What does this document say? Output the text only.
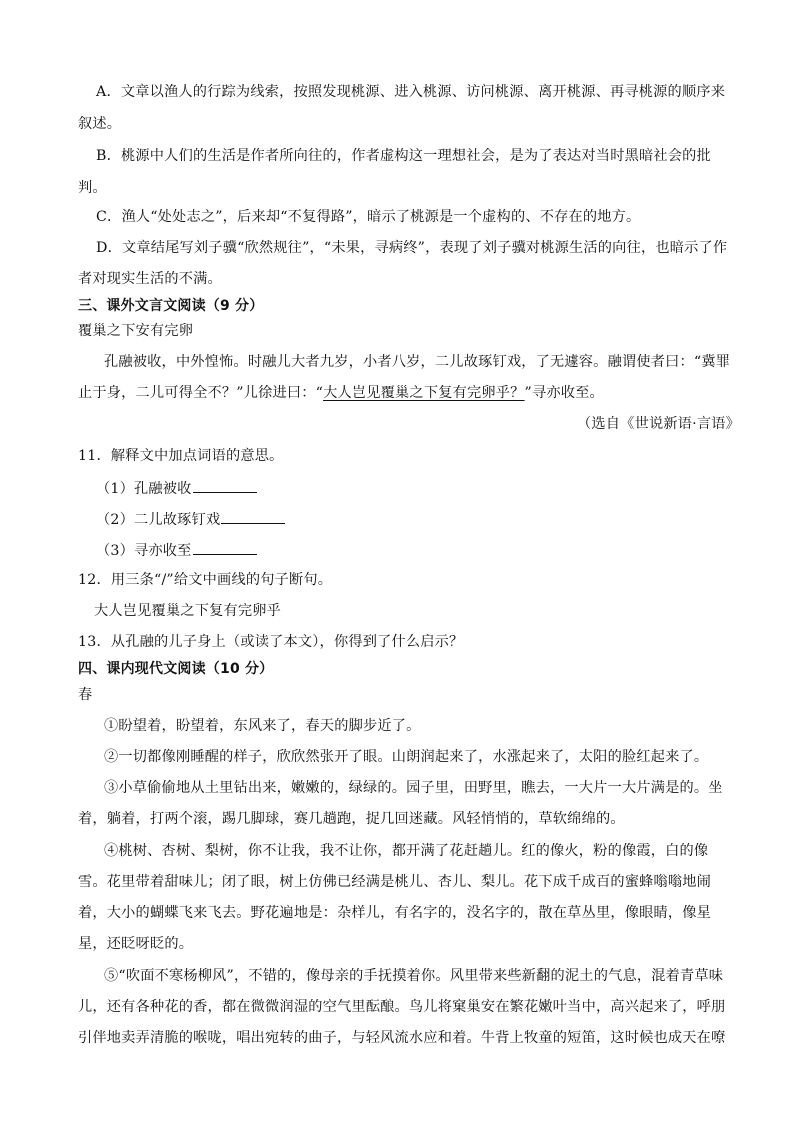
A．文章以渔人的行踪为线索，按照发现桃源、进入桃源、访问桃源、离开桃源、再寻桃源的顺序来
叙述。
B．桃源中人们的生活是作者所向往的，作者虚构这一理想社会，是为了表达对当时黑暗社会的批
判。
C．渔人“处处志之”，后来却“不复得路”，暗示了桃源是一个虚构的、不存在的地方。
D．文章结尾写刘子骥“欣然规往”，“未果，寻病终”，表现了刘子骥对桃源生活的向往，也暗示了作
者对现实生活的不满。
三、课外文言文阅读（9 分）
覆巢之下安有完卵
孔融被收，中外惶怖。时融儿大者九岁，小者八岁，二儿故琢钉戏，了无遽容。融谓使者曰：“冀罪
止于身，二儿可得全不？”儿徐进曰：“大人岂见覆巢之下复有完卵乎？”寻亦收至。
（选自《世说新语·言语》
11．解释文中加点词语的意思。
（1）孔融被收
（2）二儿故琢钉戏
（3）寻亦收至
12．用三条“/”给文中画线的句子断句。
大人岂见覆巢之下复有完卵乎
13．从孔融的儿子身上（或读了本文），你得到了什么启示？
四、课内现代文阅读（10 分）
春
①盼望着，盼望着，东风来了，春天的脚步近了。
②一切都像刚睡醒的样子，欣欣然张开了眼。山朗润起来了，水涨起来了，太阳的脸红起来了。
③小草偷偷地从土里钻出来，嫩嫩的，绿绿的。园子里，田野里，瞧去，一大片一大片满是的。坐
着，躺着，打两个滚，踢几脚球，赛几趟跑，捉几回迷藏。风轻悄悄的，草软绵绵的。
④桃树、杏树、梨树，你不让我，我不让你，都开满了花赶趟儿。红的像火，粉的像霞，白的像
雪。花里带着甜味儿；闭了眼，树上仿佛已经满是桃儿、杏儿、梨儿。花下成千成百的蜜蜂嗡嗡地闹
着，大小的蝴蝶飞来飞去。野花遍地是：杂样儿，有名字的，没名字的，散在草丛里，像眼睛，像星
星，还眨呀眨的。
⑤“吹面不寒杨柳风”，不错的，像母亲的手抚摸着你。风里带来些新翻的泥土的气息，混着青草味
儿，还有各种花的香，都在微微润湿的空气里酝酿。鸟儿将窠巢安在繁花嫩叶当中，高兴起来了，呼朋
引伴地卖弄清脆的喉咙，唱出宛转的曲子，与轻风流水应和着。牛背上牧童的短笛，这时候也成天在嘹
